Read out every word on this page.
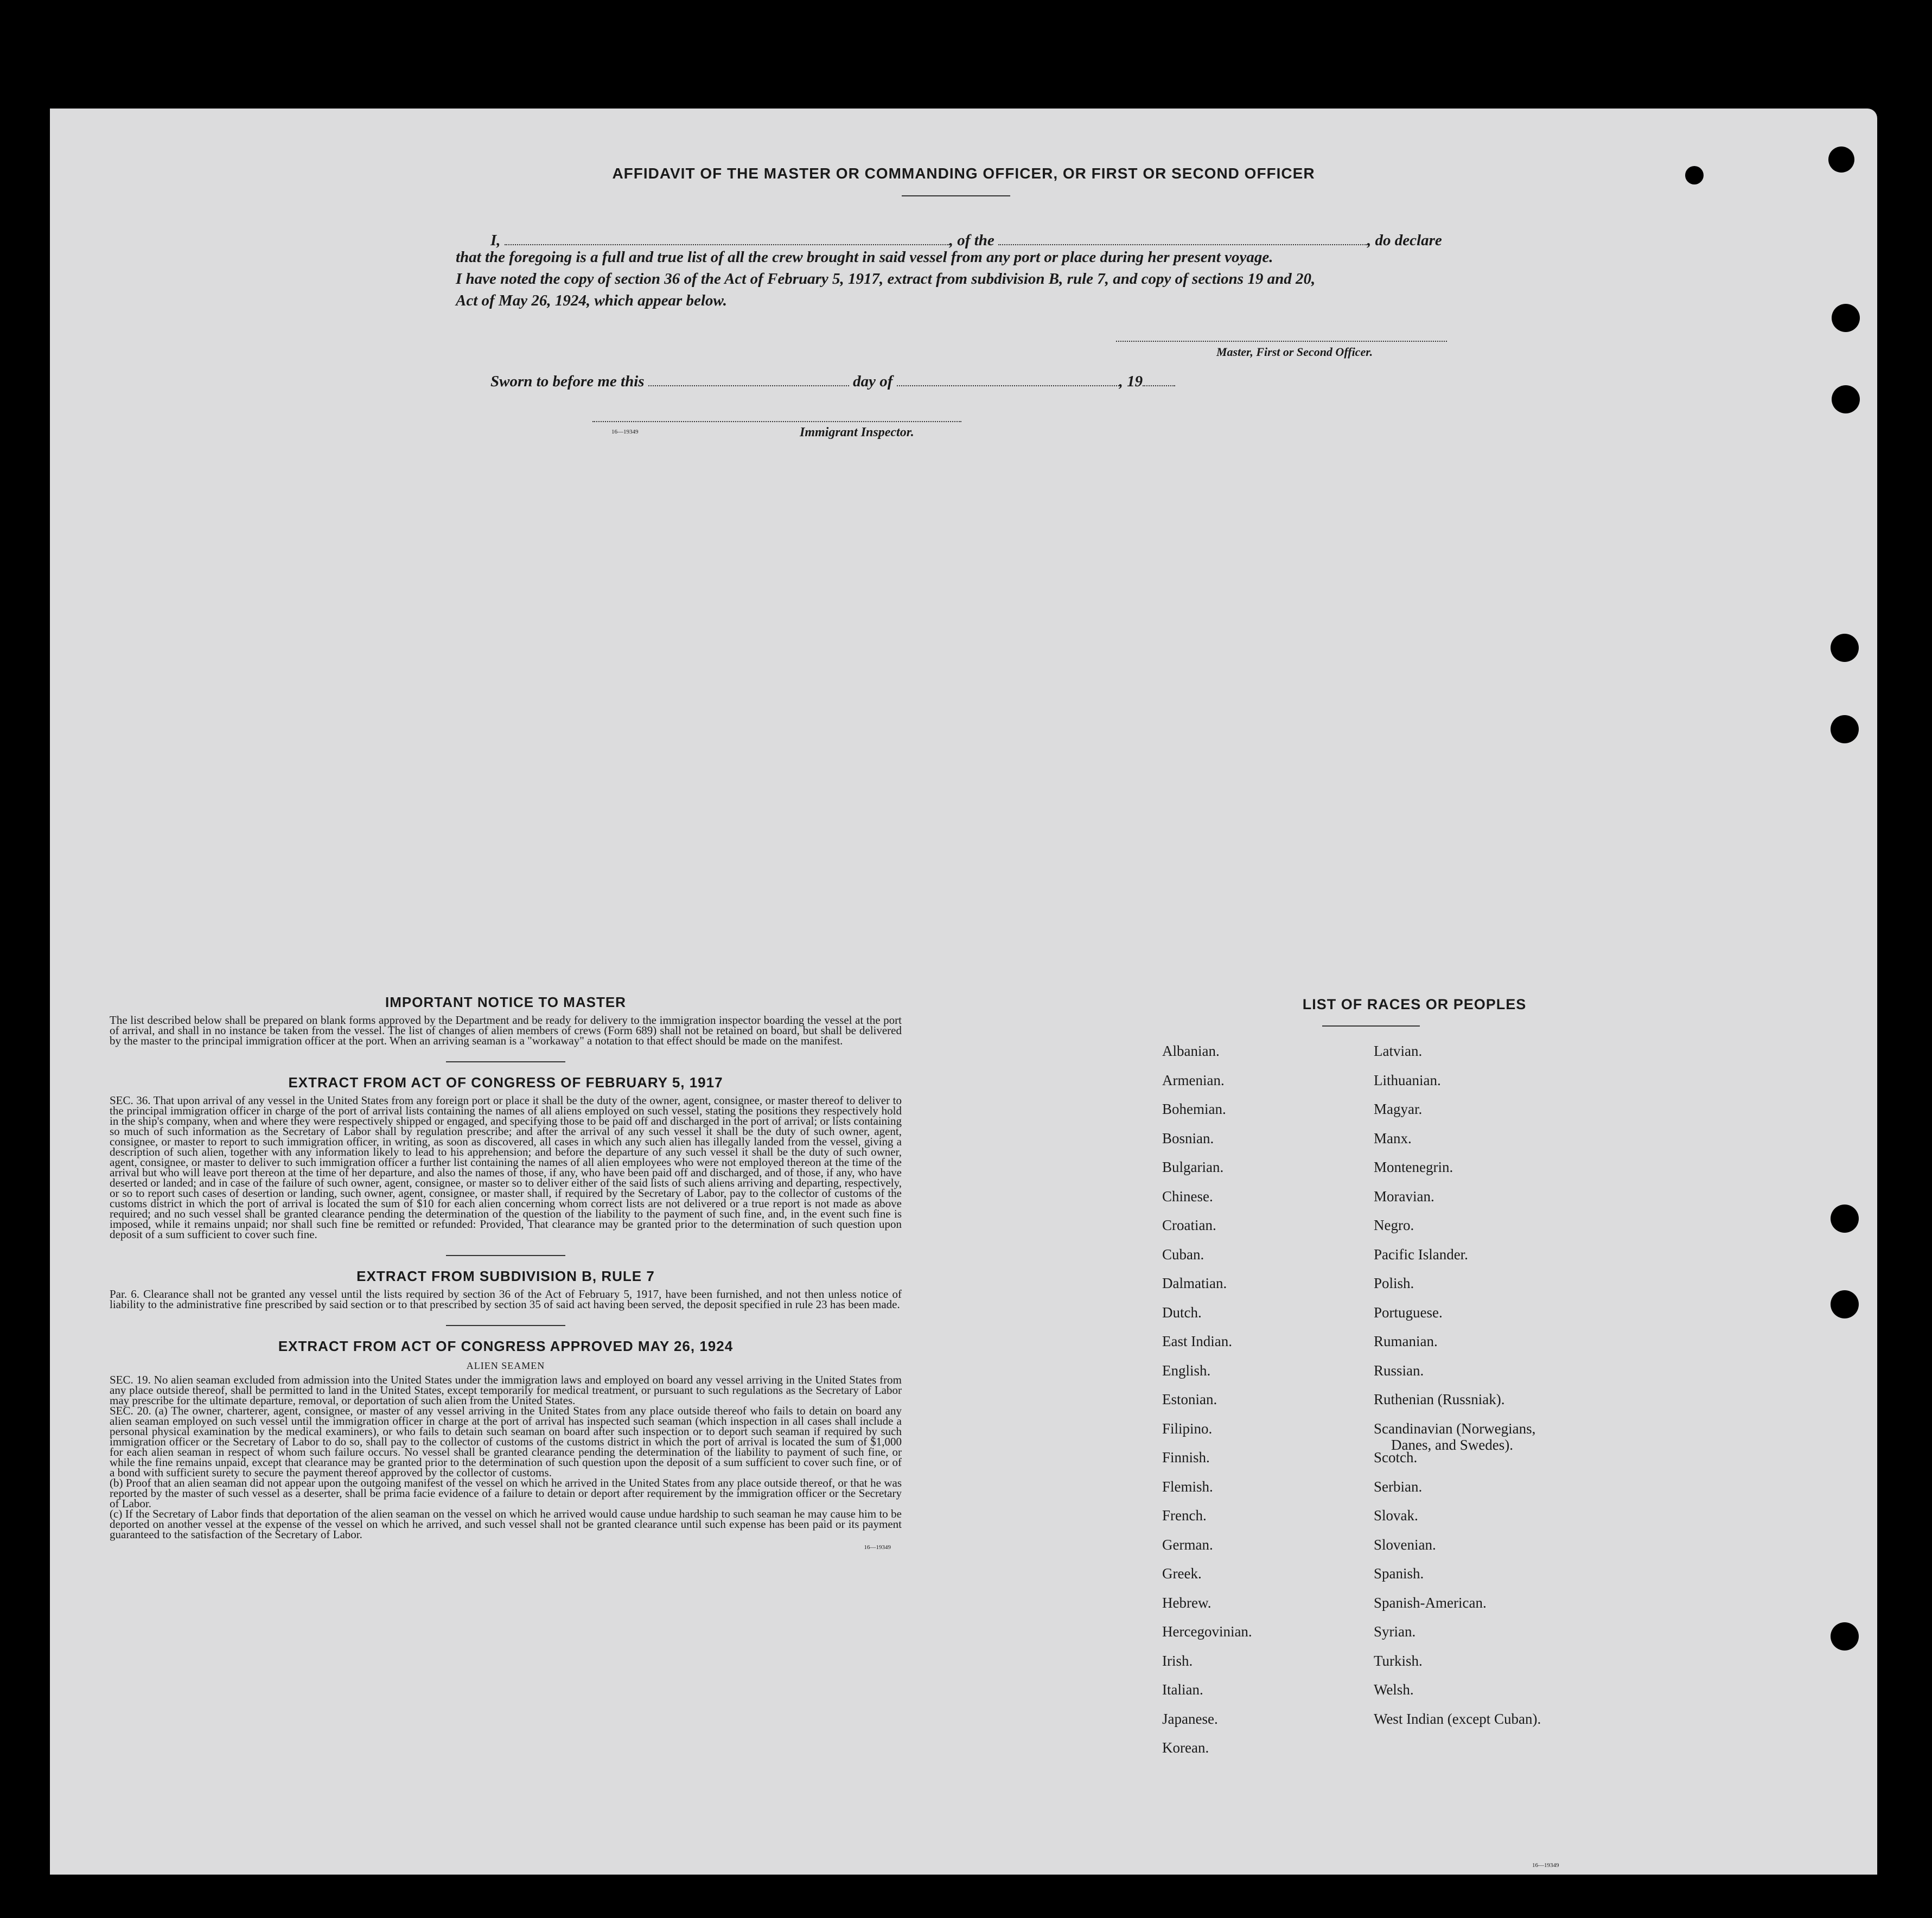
AFFIDAVIT OF THE MASTER OR COMMANDING OFFICER, OR FIRST OR SECOND OFFICER
I,	, of the	, do declare
that the foregoing is a full and true list of all the crew brought in said vessel from any port or place during her present voyage.
I have noted the copy of section 36 of the Act of February 5, 1917, extract from subdivision B, rule 7, and copy of sections 19 and 20,
Act of May 26, 1924, which appear below.
Master, First or Second Officer.
Sworn to before me this	day of	, 19
16—19349	Immigrant Inspector.
IMPORTANT NOTICE TO MASTER
The list described below shall be prepared on blank forms approved by the Department and be ready for delivery to the immigration inspector boarding the vessel at the port of arrival, and shall in no instance be taken from the vessel. The list of changes of alien members of crews (Form 689) shall not be retained on board, but shall be delivered by the master to the principal immigration officer at the port. When an arriving seaman is a "workaway" a notation to that effect should be made on the manifest.
EXTRACT FROM ACT OF CONGRESS OF FEBRUARY 5, 1917
SEC. 36. That upon arrival of any vessel in the United States from any foreign port or place it shall be the duty of the owner, agent, consignee, or master thereof to deliver to the principal immigration officer in charge of the port of arrival lists containing the names of all aliens employed on such vessel, stating the positions they respectively hold in the ship's company, when and where they were respectively shipped or engaged, and specifying those to be paid off and discharged in the port of arrival; or lists containing so much of such information as the Secretary of Labor shall by regulation prescribe; and after the arrival of any such vessel it shall be the duty of such owner, agent, consignee, or master to report to such immigration officer, in writing, as soon as discovered, all cases in which any such alien has illegally landed from the vessel, giving a description of such alien, together with any information likely to lead to his apprehension; and before the departure of any such vessel it shall be the duty of such owner, agent, consignee, or master to deliver to such immigration officer a further list containing the names of all alien employees who were not employed thereon at the time of the arrival but who will leave port thereon at the time of her departure, and also the names of those, if any, who have been paid off and discharged, and of those, if any, who have deserted or landed; and in case of the failure of such owner, agent, consignee, or master so to deliver either of the said lists of such aliens arriving and departing, respectively, or so to report such cases of desertion or landing, such owner, agent, consignee, or master shall, if required by the Secretary of Labor, pay to the collector of customs of the customs district in which the port of arrival is located the sum of $10 for each alien concerning whom correct lists are not delivered or a true report is not made as above required; and no such vessel shall be granted clearance pending the determination of the question of the liability to the payment of such fine, and, in the event such fine is imposed, while it remains unpaid; nor shall such fine be remitted or refunded: Provided, That clearance may be granted prior to the determination of such question upon deposit of a sum sufficient to cover such fine.
EXTRACT FROM SUBDIVISION B, RULE 7
Par. 6. Clearance shall not be granted any vessel until the lists required by section 36 of the Act of February 5, 1917, have been furnished, and not then unless notice of liability to the administrative fine prescribed by said section or to that prescribed by section 35 of said act having been served, the deposit specified in rule 23 has been made.
EXTRACT FROM ACT OF CONGRESS APPROVED MAY 26, 1924
ALIEN SEAMEN
SEC. 19. No alien seaman excluded from admission into the United States under the immigration laws and employed on board any vessel arriving in the United States from any place outside thereof, shall be permitted to land in the United States, except temporarily for medical treatment, or pursuant to such regulations as the Secretary of Labor may prescribe for the ultimate departure, removal, or deportation of such alien from the United States.
SEC. 20. (a) The owner, charterer, agent, consignee, or master of any vessel arriving in the United States from any place outside thereof who fails to detain on board any alien seaman employed on such vessel until the immigration officer in charge at the port of arrival has inspected such seaman (which inspection in all cases shall include a personal physical examination by the medical examiners), or who fails to detain such seaman on board after such inspection or to deport such seaman if required by such immigration officer or the Secretary of Labor to do so, shall pay to the collector of customs of the customs district in which the port of arrival is located the sum of $1,000 for each alien seaman in respect of whom such failure occurs. No vessel shall be granted clearance pending the determination of the liability to payment of such fine, or while the fine remains unpaid, except that clearance may be granted prior to the determination of such question upon the deposit of a sum sufficient to cover such fine, or of a bond with sufficient surety to secure the payment thereof approved by the collector of customs.
(b) Proof that an alien seaman did not appear upon the outgoing manifest of the vessel on which he arrived in the United States from any place outside thereof, or that he was reported by the master of such vessel as a deserter, shall be prima facie evidence of a failure to detain or deport after requirement by the immigration officer or the Secretary of Labor.
(c) If the Secretary of Labor finds that deportation of the alien seaman on the vessel on which he arrived would cause undue hardship to such seaman he may cause him to be deported on another vessel at the expense of the vessel on which he arrived, and such vessel shall not be granted clearance until such expense has been paid or its payment guaranteed to the satisfaction of the Secretary of Labor.
16—19349
LIST OF RACES OR PEOPLES
Albanian.
Armenian.
Bohemian.
Bosnian.
Bulgarian.
Chinese.
Croatian.
Cuban.
Dalmatian.
Dutch.
East Indian.
English.
Estonian.
Filipino.
Finnish.
Flemish.
French.
German.
Greek.
Hebrew.
Hercegovinian.
Irish.
Italian.
Japanese.
Korean.
Latvian.
Lithuanian.
Magyar.
Manx.
Montenegrin.
Moravian.
Negro.
Pacific Islander.
Polish.
Portuguese.
Rumanian.
Russian.
Ruthenian (Russniak).
Scandinavian (Norwegians,
Danes, and Swedes).
Scotch.
Serbian.
Slovak.
Slovenian.
Spanish.
Spanish-American.
Syrian.
Turkish.
Welsh.
West Indian (except Cuban).
16—19349
